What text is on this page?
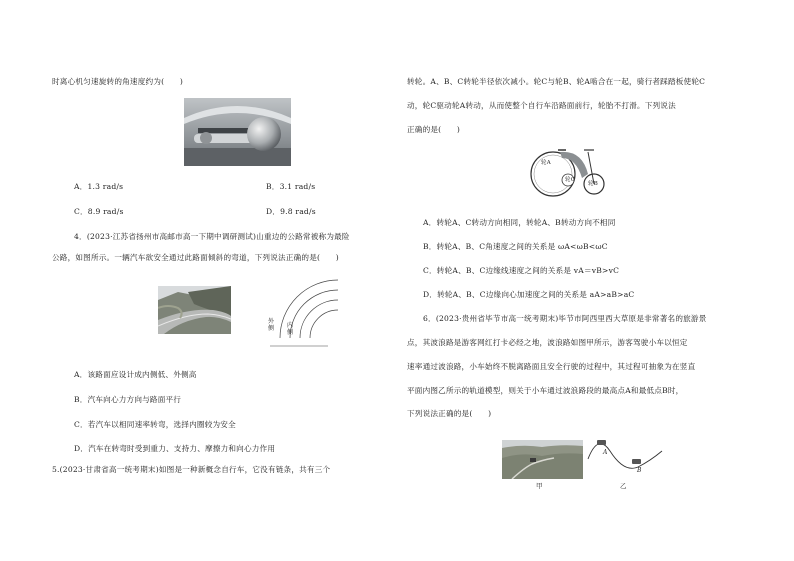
时离心机匀速旋转的角速度约为(　　)
A．1.3 rad/s	B．3.1 rad/s
C．8.9 rad/s	D．9.8 rad/s
4．(2023·江苏省扬州市高邮市高一下期中调研测试)山重边的公路常被称为最险
公路，如图所示。一辆汽车欲安全通过此路面倾斜的弯道，下列说法正确的是(　　)
外侧 内侧
A．该路面应设计成内侧低、外侧高
B．汽车向心力方向与路面平行
C．若汽车以相同速率转弯，选择内圈较为安全
D．汽车在转弯时受到重力、支持力、摩擦力和向心力作用
5.(2023·甘肃省高一统考期末)如图是一种新概念自行车，它没有链条，共有三个
转轮。A、B、C转轮半径依次减小。轮C与轮B、轮A啮合在一起，骑行者踩踏板使轮C
动，轮C驱动轮A转动，从而使整个自行车沿路面前行，轮胎不打滑。下列说法
正确的是(　　)
轮A
轮C
轮B
A．转轮A、C转动方向相同，转轮A、B转动方向不相同
B．转轮A、B、C角速度之间的关系是 ωA<ωB<ωC
C．转轮A、B、C边缘线速度之间的关系是 vA＝vB>vC
D．转轮A、B、C边缘向心加速度之间的关系是 aA>aB>aC
6．(2023·贵州省毕节市高一统考期末)毕节市阿西里西大草原是非常著名的旅游景
点，其波浪路是游客网红打卡必经之地，波浪路如图甲所示，游客驾驶小车以恒定
速率通过波浪路，小车始终不脱离路面且安全行驶的过程中，其过程可抽象为在竖直
平面内图乙所示的轨道模型，则关于小车通过波浪路段的最高点A和最低点B时，
下列说法正确的是(　　)
甲
A
B
乙
